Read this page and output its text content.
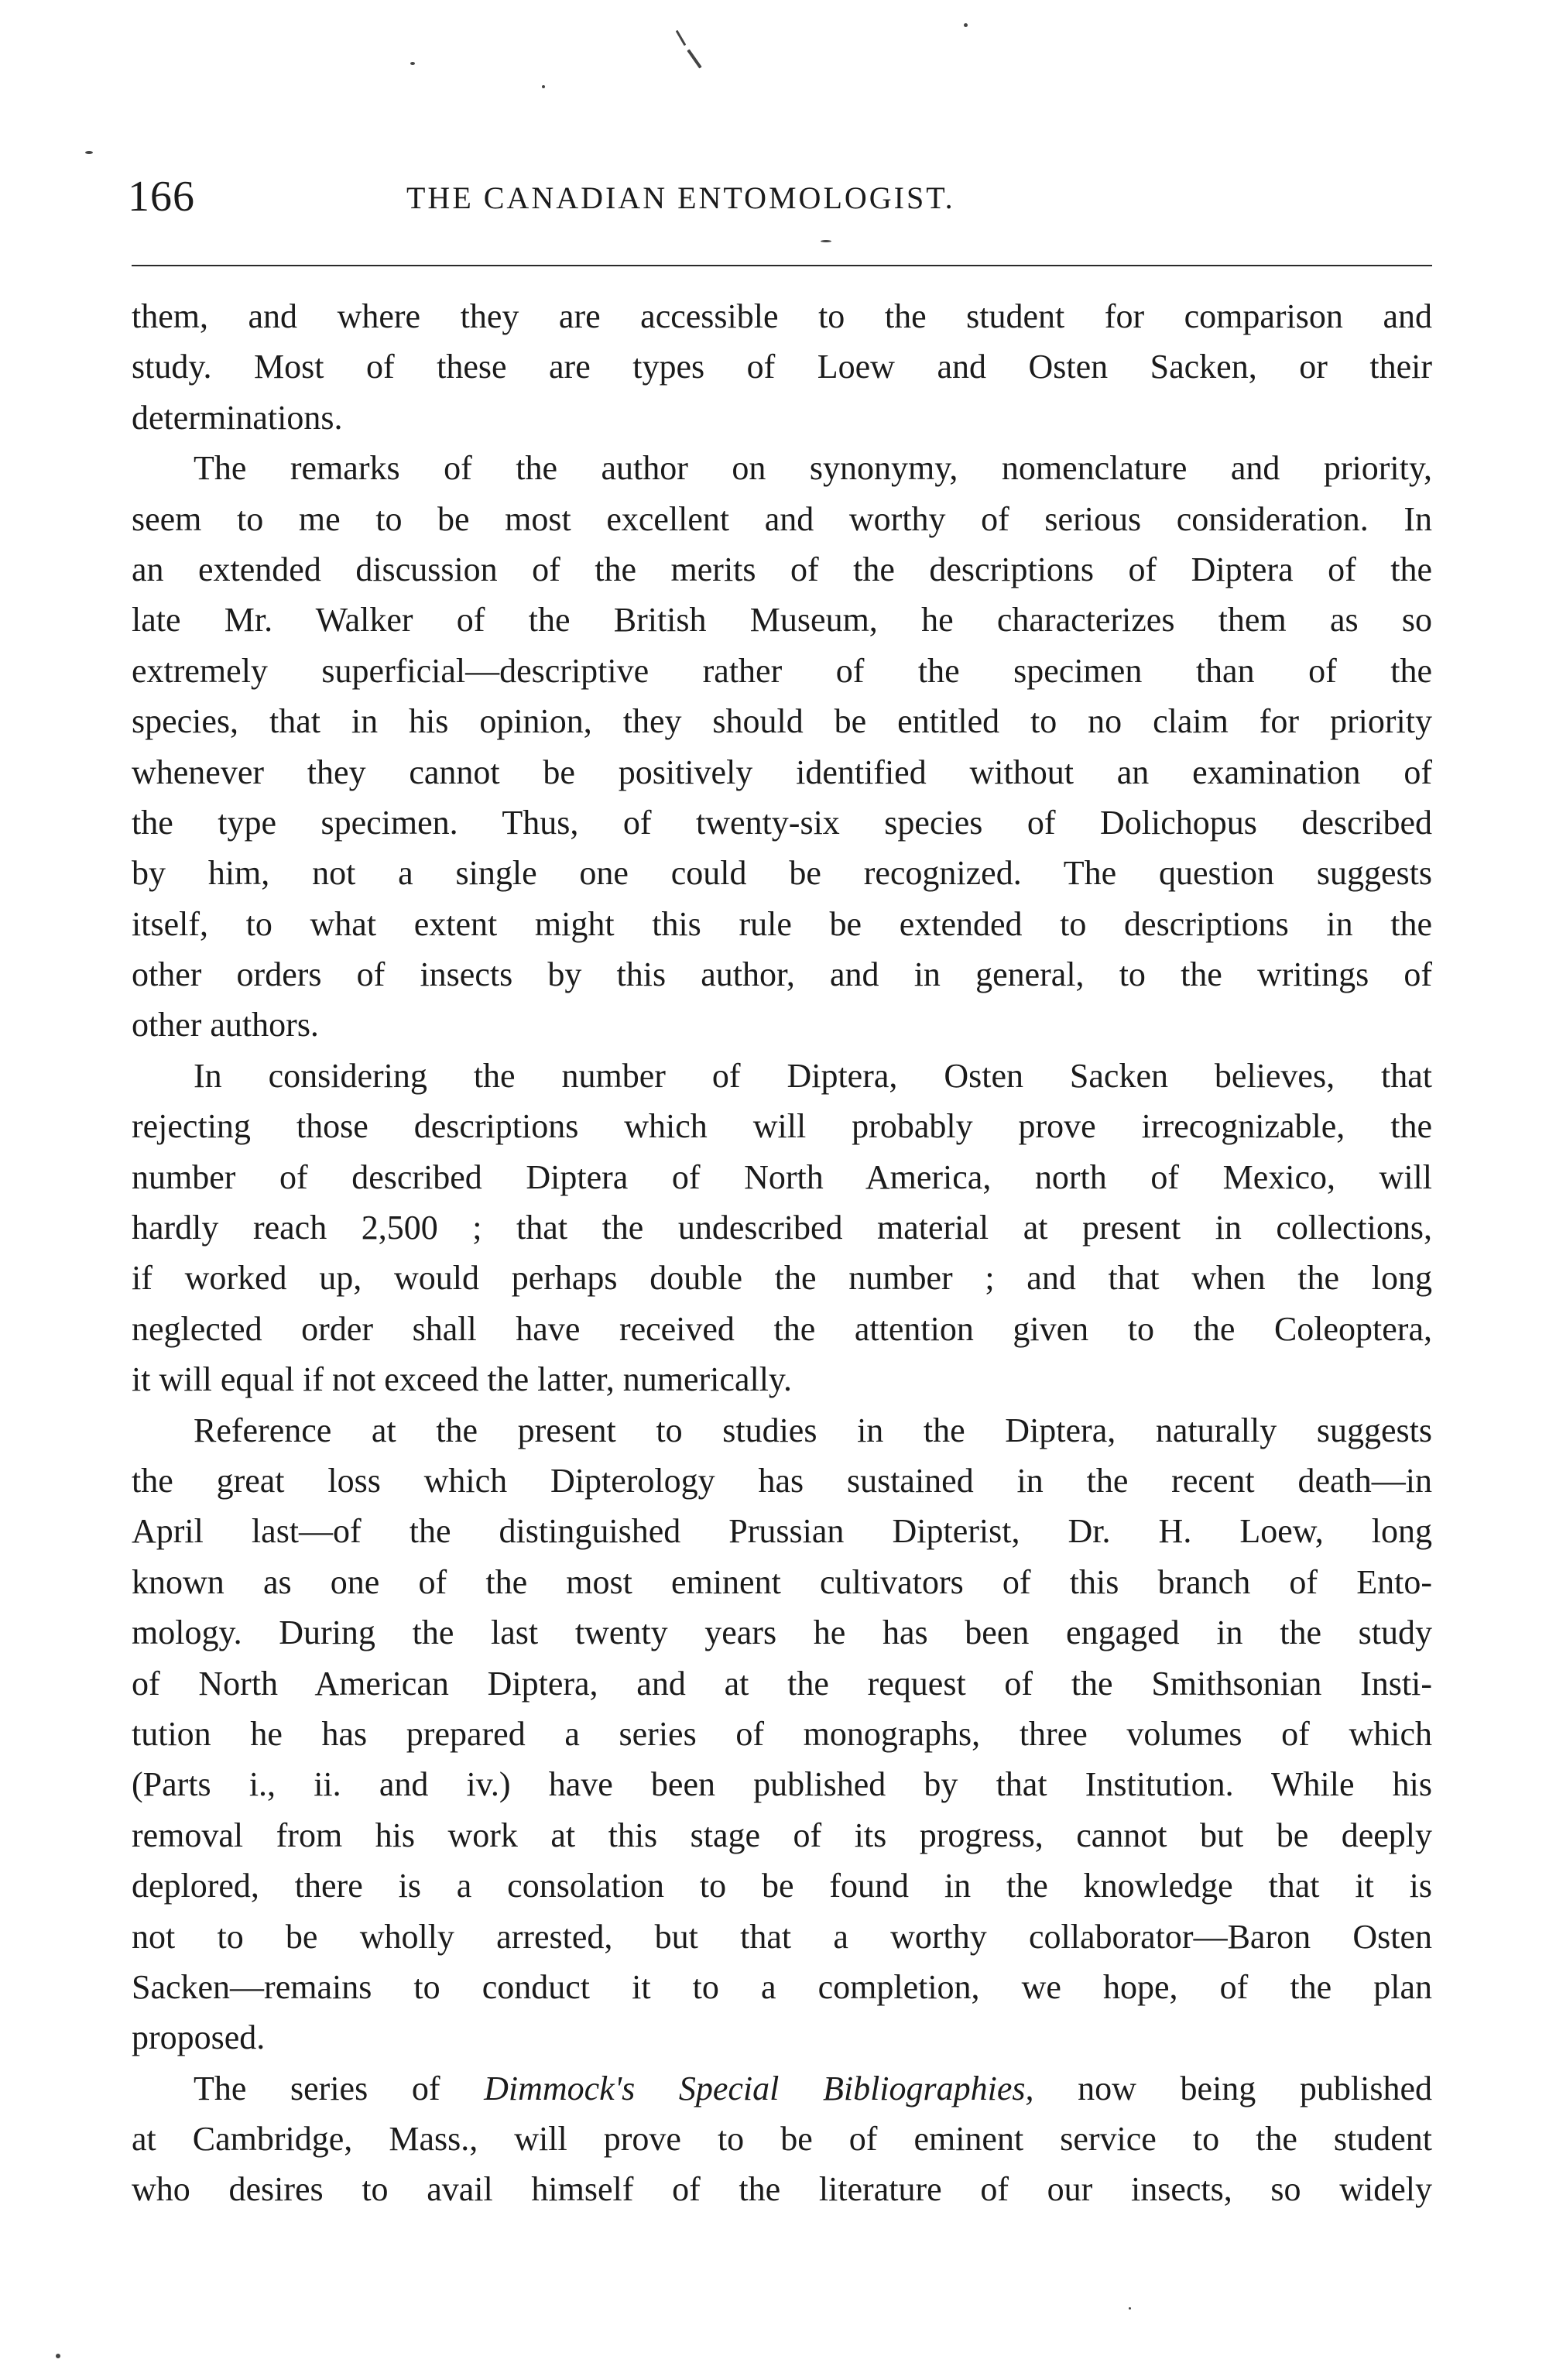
166	THE CANADIAN ENTOMOLOGIST.
them, and where they are accessible to the student for comparison and
study. Most of these are types of Loew and Osten Sacken, or their
determinations.
The remarks of the author on synonymy, nomenclature and priority,
seem to me to be most excellent and worthy of serious consideration. In
an extended discussion of the merits of the descriptions of Diptera of the
late Mr. Walker of the British Museum, he characterizes them as so
extremely superficial—descriptive rather of the specimen than of the
species, that in his opinion, they should be entitled to no claim for priority
whenever they cannot be positively identified without an examination of
the type specimen. Thus, of twenty-six species of Dolichopus described
by him, not a single one could be recognized. The question suggests
itself, to what extent might this rule be extended to descriptions in the
other orders of insects by this author, and in general, to the writings of
other authors.
In considering the number of Diptera, Osten Sacken believes, that
rejecting those descriptions which will probably prove irrecognizable, the
number of described Diptera of North America, north of Mexico, will
hardly reach 2,500 ; that the undescribed material at present in collections,
if worked up, would perhaps double the number ; and that when the long
neglected order shall have received the attention given to the Coleoptera,
it will equal if not exceed the latter, numerically.
Reference at the present to studies in the Diptera, naturally suggests
the great loss which Dipterology has sustained in the recent death—in
April last—of the distinguished Prussian Dipterist, Dr. H. Loew, long
known as one of the most eminent cultivators of this branch of Ento-
mology. During the last twenty years he has been engaged in the study
of North American Diptera, and at the request of the Smithsonian Insti-
tution he has prepared a series of monographs, three volumes of which
(Parts i., ii. and iv.) have been published by that Institution. While his
removal from his work at this stage of its progress, cannot but be deeply
deplored, there is a consolation to be found in the knowledge that it is
not to be wholly arrested, but that a worthy collaborator—Baron Osten
Sacken—remains to conduct it to a completion, we hope, of the plan
proposed.
The series of Dimmock's Special Bibliographies, now being published
at Cambridge, Mass., will prove to be of eminent service to the student
who desires to avail himself of the literature of our insects, so widely
